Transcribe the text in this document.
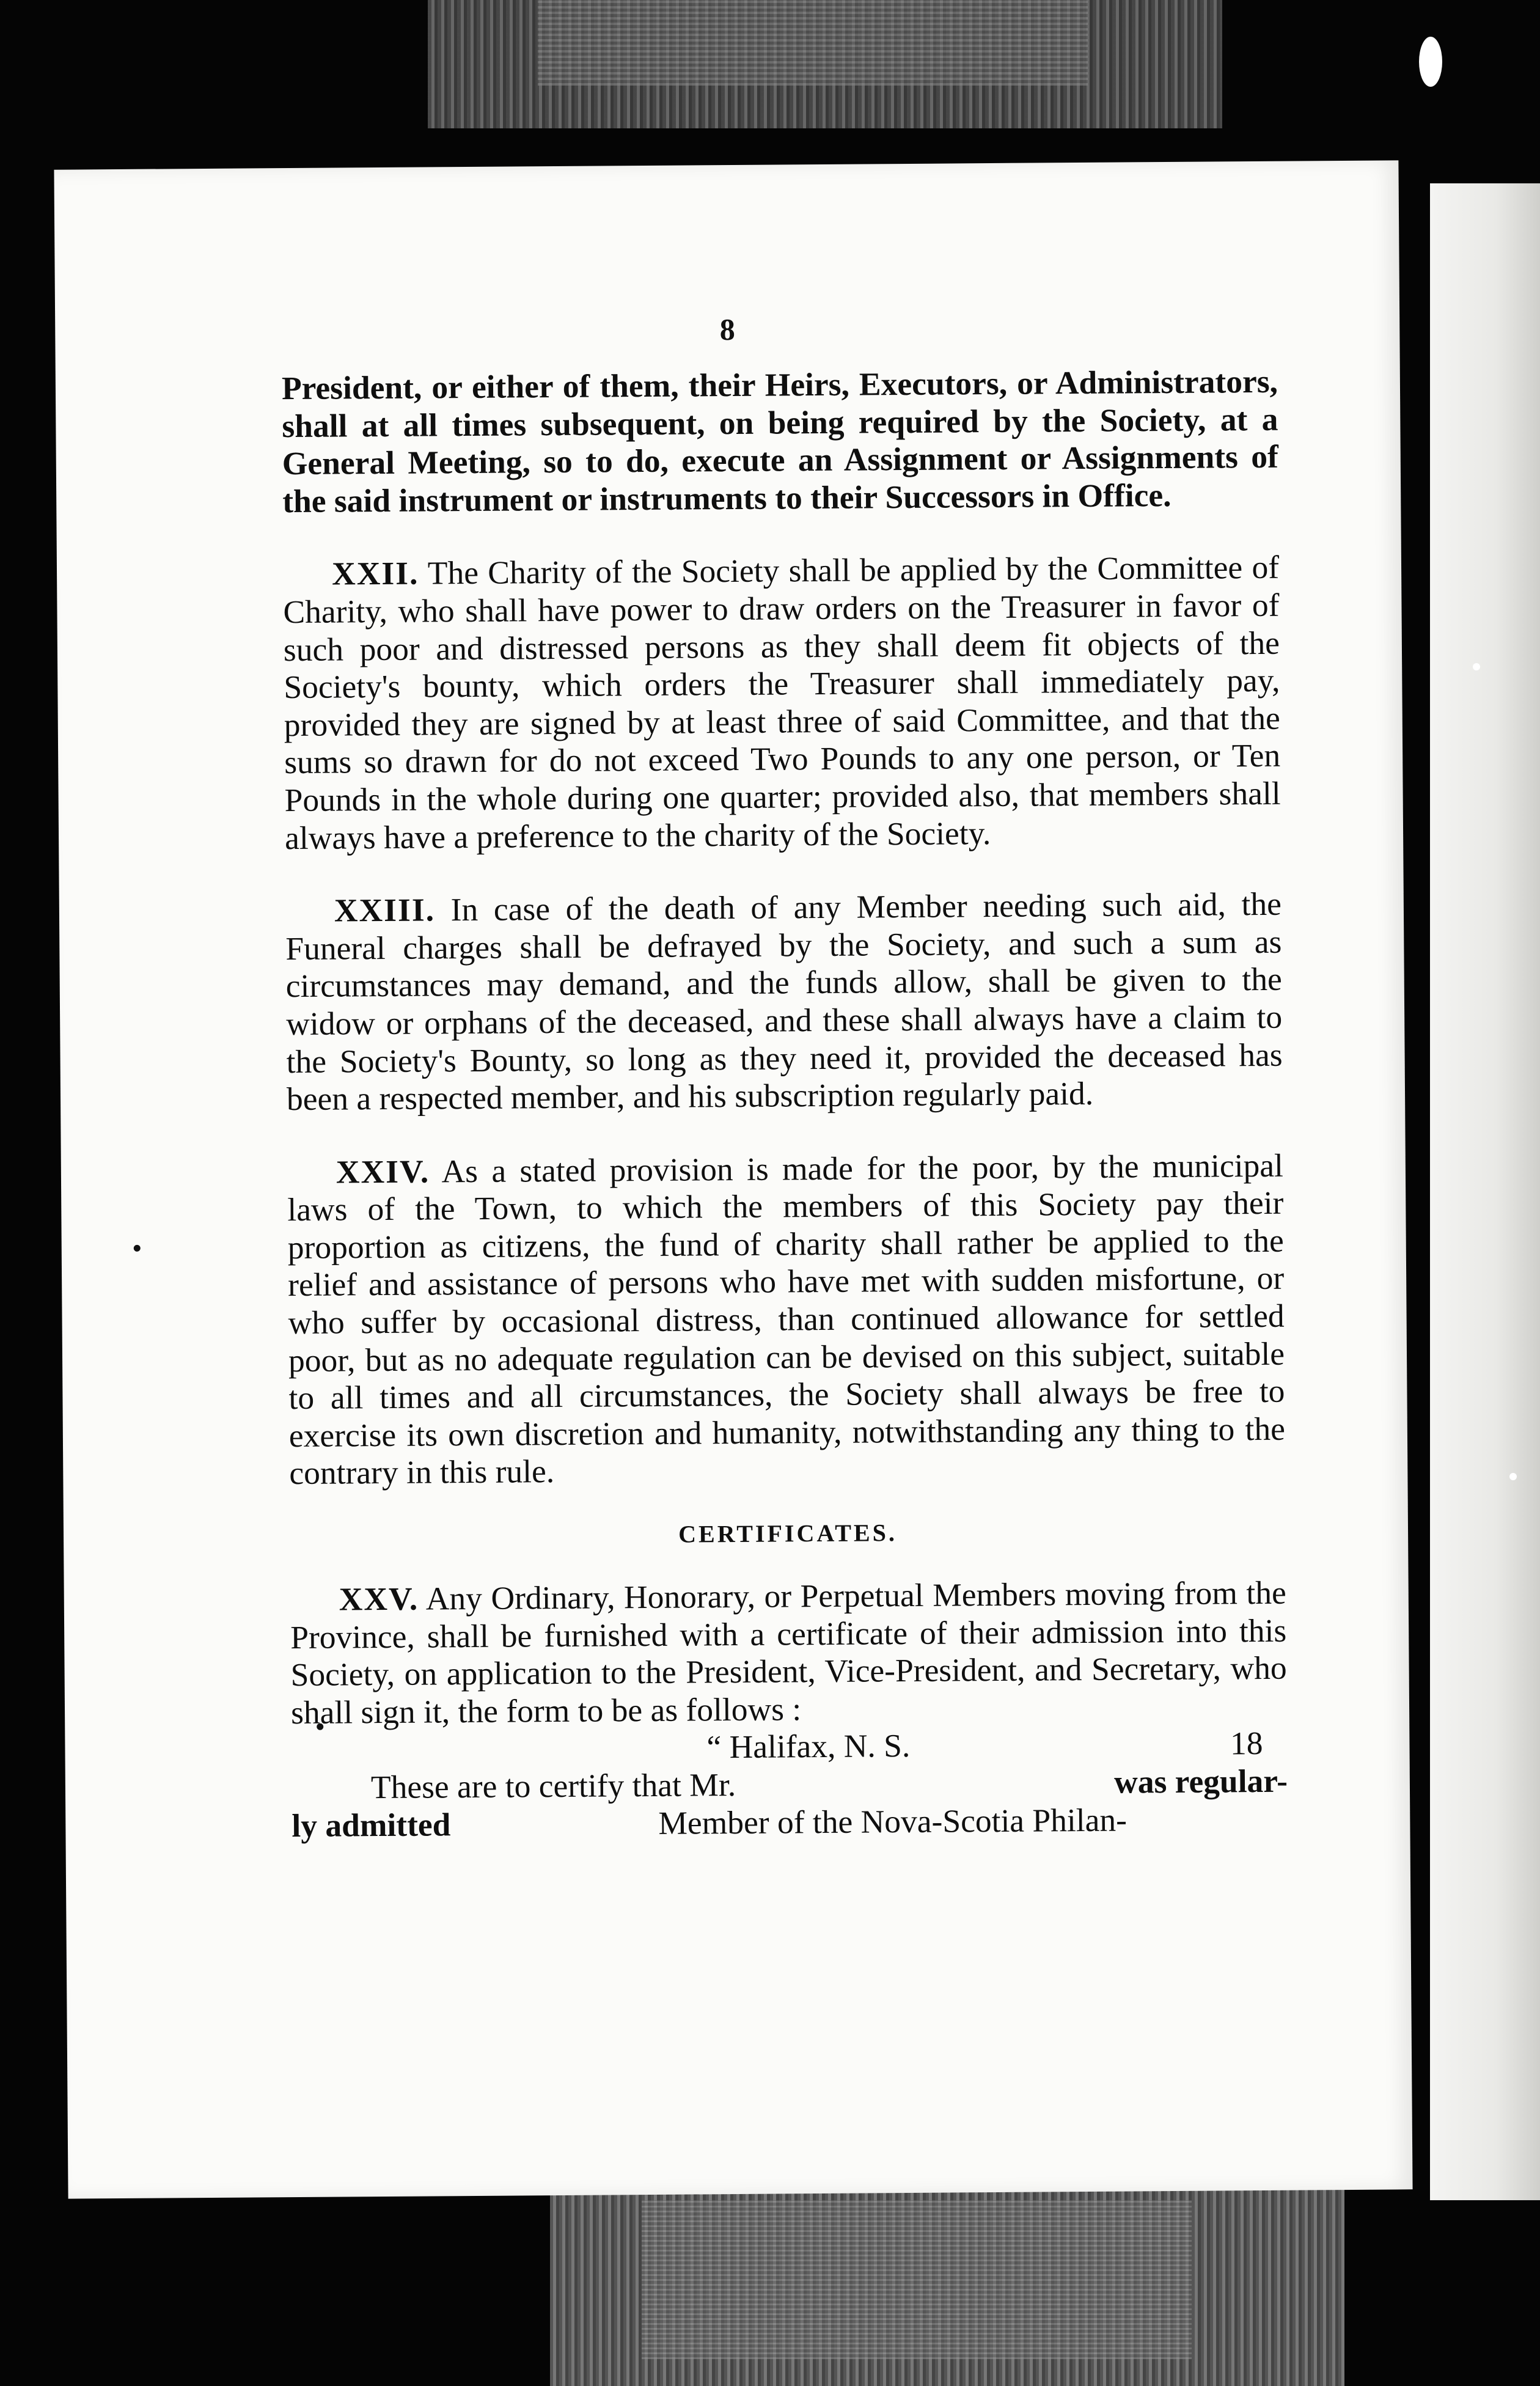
8

President, or either of them, their Heirs, Executors, or Administrators, shall at all times subsequent, on being required by the Society, at a General Meeting, so to do, execute an Assignment or Assignments of the said instrument or instruments to their Successors in Office.

XXII. The Charity of the Society shall be applied by the Committee of Charity, who shall have power to draw orders on the Treasurer in favor of such poor and distressed persons as they shall deem fit objects of the Society's bounty, which orders the Treasurer shall immediately pay, provided they are signed by at least three of said Committee, and that the sums so drawn for do not exceed Two Pounds to any one person, or Ten Pounds in the whole during one quarter; provided also, that members shall always have a preference to the charity of the Society.

XXIII. In case of the death of any Member needing such aid, the Funeral charges shall be defrayed by the Society, and such a sum as circumstances may demand, and the funds allow, shall be given to the widow or orphans of the deceased, and these shall always have a claim to the Society's Bounty, so long as they need it, provided the deceased has been a respected member, and his subscription regularly paid.

XXIV. As a stated provision is made for the poor, by the municipal laws of the Town, to which the members of this Society pay their proportion as citizens, the fund of charity shall rather be applied to the relief and assistance of persons who have met with sudden misfortune, or who suffer by occasional distress, than continued allowance for settled poor, but as no adequate regulation can be devised on this subject, suitable to all times and all circumstances, the Society shall always be free to exercise its own discretion and humanity, notwithstanding any thing to the contrary in this rule.

CERTIFICATES.

XXV. Any Ordinary, Honorary, or Perpetual Members moving from the Province, shall be furnished with a certificate of their admission into this Society, on application to the President, Vice-President, and Secretary, who shall sign it, the form to be as follows :

“ Halifax, N. S.	18
These are to certify that Mr.	was regular-
ly admitted	Member of the Nova-Scotia Philan-
